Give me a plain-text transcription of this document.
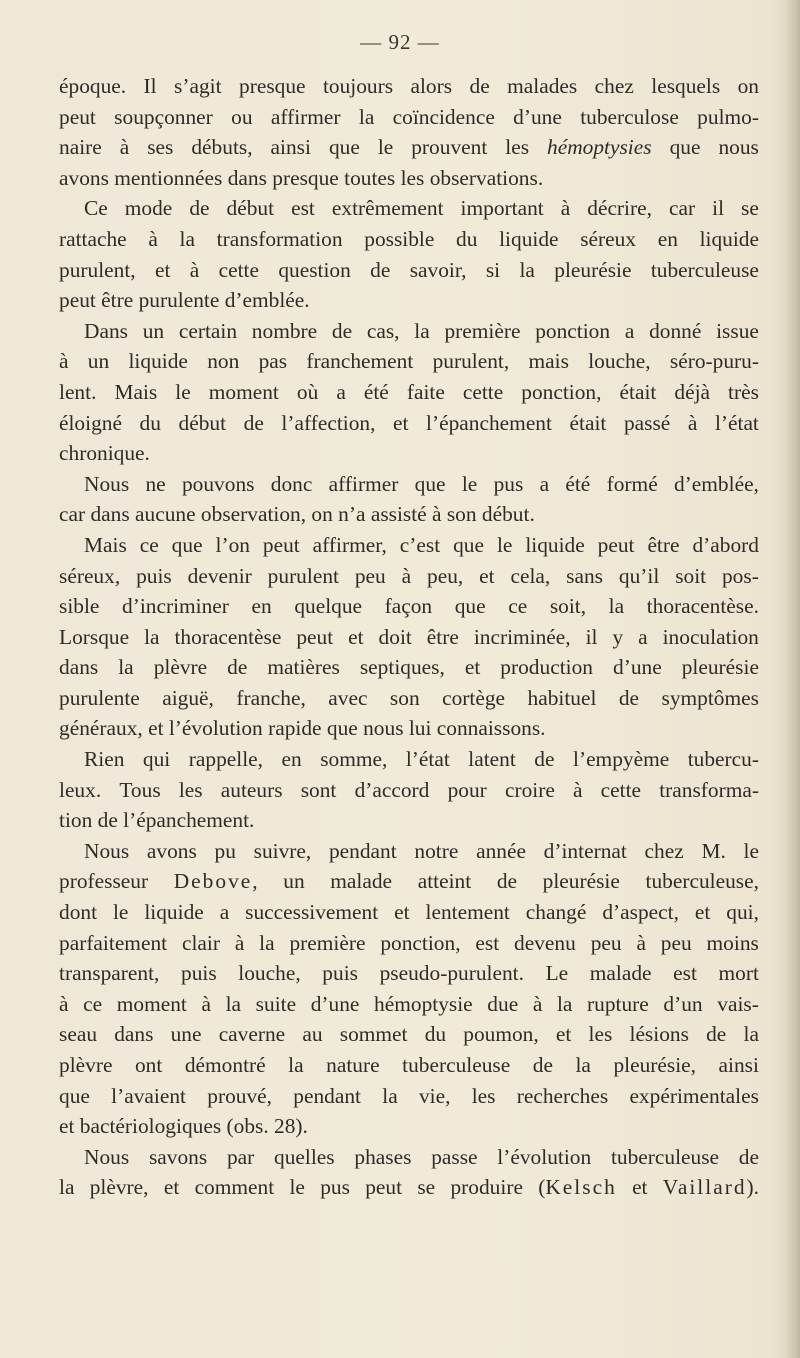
— 92 —
époque. Il s’agit presque toujours alors de malades chez lesquels on
peut soupçonner ou affirmer la coïncidence d’une tuberculose pulmo-
naire à ses débuts, ainsi que le prouvent les hémoptysies que nous
avons mentionnées dans presque toutes les observations.
Ce mode de début est extrêmement important à décrire, car il se
rattache à la transformation possible du liquide séreux en liquide
purulent, et à cette question de savoir, si la pleurésie tuberculeuse
peut être purulente d’emblée.
Dans un certain nombre de cas, la première ponction a donné issue
à un liquide non pas franchement purulent, mais louche, séro-puru-
lent. Mais le moment où a été faite cette ponction, était déjà très
éloigné du début de l’affection, et l’épanchement était passé à l’état
chronique.
Nous ne pouvons donc affirmer que le pus a été formé d’emblée,
car dans aucune observation, on n’a assisté à son début.
Mais ce que l’on peut affirmer, c’est que le liquide peut être d’abord
séreux, puis devenir purulent peu à peu, et cela, sans qu’il soit pos-
sible d’incriminer en quelque façon que ce soit, la thoracentèse.
Lorsque la thoracentèse peut et doit être incriminée, il y a inoculation
dans la plèvre de matières septiques, et production d’une pleurésie
purulente aiguë, franche, avec son cortège habituel de symptômes
généraux, et l’évolution rapide que nous lui connaissons.
Rien qui rappelle, en somme, l’état latent de l’empyème tubercu-
leux. Tous les auteurs sont d’accord pour croire à cette transforma-
tion de l’épanchement.
Nous avons pu suivre, pendant notre année d’internat chez M. le
professeur Debove, un malade atteint de pleurésie tuberculeuse,
dont le liquide a successivement et lentement changé d’aspect, et qui,
parfaitement clair à la première ponction, est devenu peu à peu moins
transparent, puis louche, puis pseudo-purulent. Le malade est mort
à ce moment à la suite d’une hémoptysie due à la rupture d’un vais-
seau dans une caverne au sommet du poumon, et les lésions de la
plèvre ont démontré la nature tuberculeuse de la pleurésie, ainsi
que l’avaient prouvé, pendant la vie, les recherches expérimentales
et bactériologiques (obs. 28).
Nous savons par quelles phases passe l’évolution tuberculeuse de
la plèvre, et comment le pus peut se produire (Kelsch et Vaillard).
